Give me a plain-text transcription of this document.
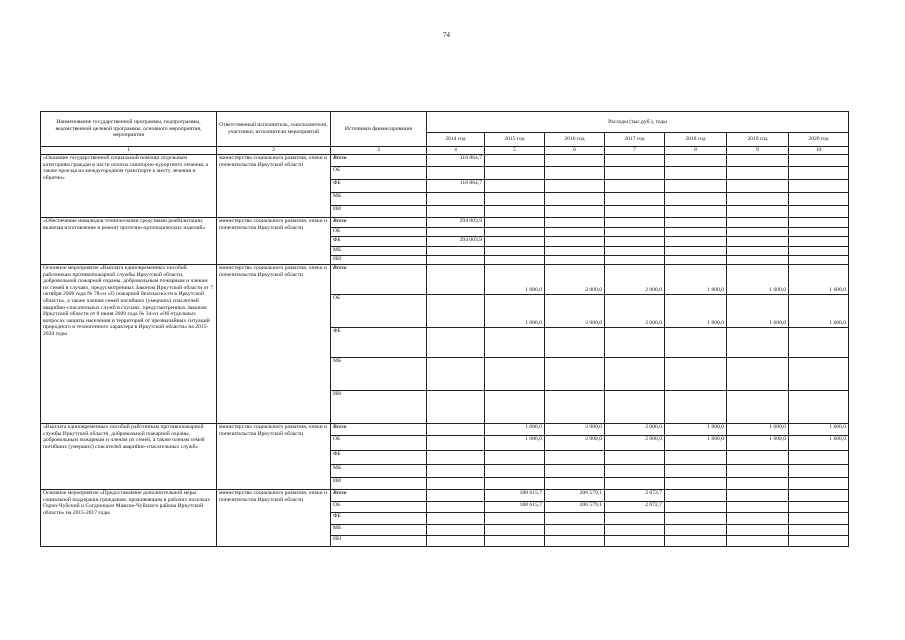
74
Наименование государственной программы, подпрограммы, ведомственной целевой программы, основного мероприятия, мероприятия	Ответственный исполнитель, соисполнители, участники, исполнители мероприятий	Источники финансирования	Расходы (тыс.руб.), годы						
			2014 год	2015 год	2016 год	2017 год	2018 год	2019 год	2020 год
1	2	3	4	5	6	7	8	9	10
«Оказание государственной социальной помощи отдельным категориям граждан в части оплаты санаторно-курортного лечения, а также проезда на междугородном транспорте к месту лечения и обратно»	министерство социального развития, опеки и попечительства Иркутской области	Всего	118 864,7						
		ОБ							
		ФБ	118 864,7						
		МБ							
		ИИ							
«Обеспечение инвалидов техническими средствами реабилитации, включая изготовление и ремонт протезно-ортопедических изделий»	министерство социального развития, опеки и попечительства Иркутской области	Всего	294 003,9						
		ОБ							
		ФБ	294 003,9						
		МБ							
		ИИ							
Основное мероприятие «Выплата единовременных пособий работникам противопожарной службы Иркутской области, добровольной пожарной охраны, добровольным пожарным и членам их семей в случаях, предусмотренных Законом Иркутской области от 7 октября 2008 года № 78-оз «О пожарной безопасности в Иркутской области», а также членам семей погибших (умерших) спасателей аварийно-спасательных служб в случаях, предусмотренных Законом Иркутской области от 8 июня 2009 года № 34-оз «Об отдельных вопросах защиты населения и территорий от чрезвычайных ситуаций природного и техногенного характера в Иркутской области» на 2015-2020 годы	министерство социального развития, опеки и попечительства Иркутской области	Всего		1 086,0	2 000,0	2 000,0	1 800,0	1 600,0	1 600,0
		ОБ		1 086,0	2 000,0	2 000,0	1 800,0	1 600,0	1 600,0
		ФБ							
		МБ							
		ИИ							
«Выплата единовременных пособий работникам противопожарной службы Иркутской области, добровольной пожарной охраны, добровольным пожарным и членам их семей, а также членам семей погибших (умерших) спасателей аварийно-спасательных служб»	министерство социального развития, опеки и попечительства Иркутской области	Всего		1 086,0	2 000,0	2 000,0	1 800,0	1 600,0	1 600,0
		ОБ		1 086,0	2 000,0	2 000,0	1 800,0	1 600,0	1 600,0
		ФБ							
		МБ							
		ИИ							
Основное мероприятие «Предоставление дополнительной меры социальной поддержки гражданам, проживавшим в рабочих поселках Горно-Чуйский и Согдиондон Мамско-Чуйского района Иркутской области» на 2015-2017 годы	министерство социального развития, опеки и попечительства Иркутской области	Всего		188 615,7	206 579,1	2 072,7			
		ОБ		188 615,7	206 579,1	2 072,7			
		ФБ							
		МБ							
		ИН							
